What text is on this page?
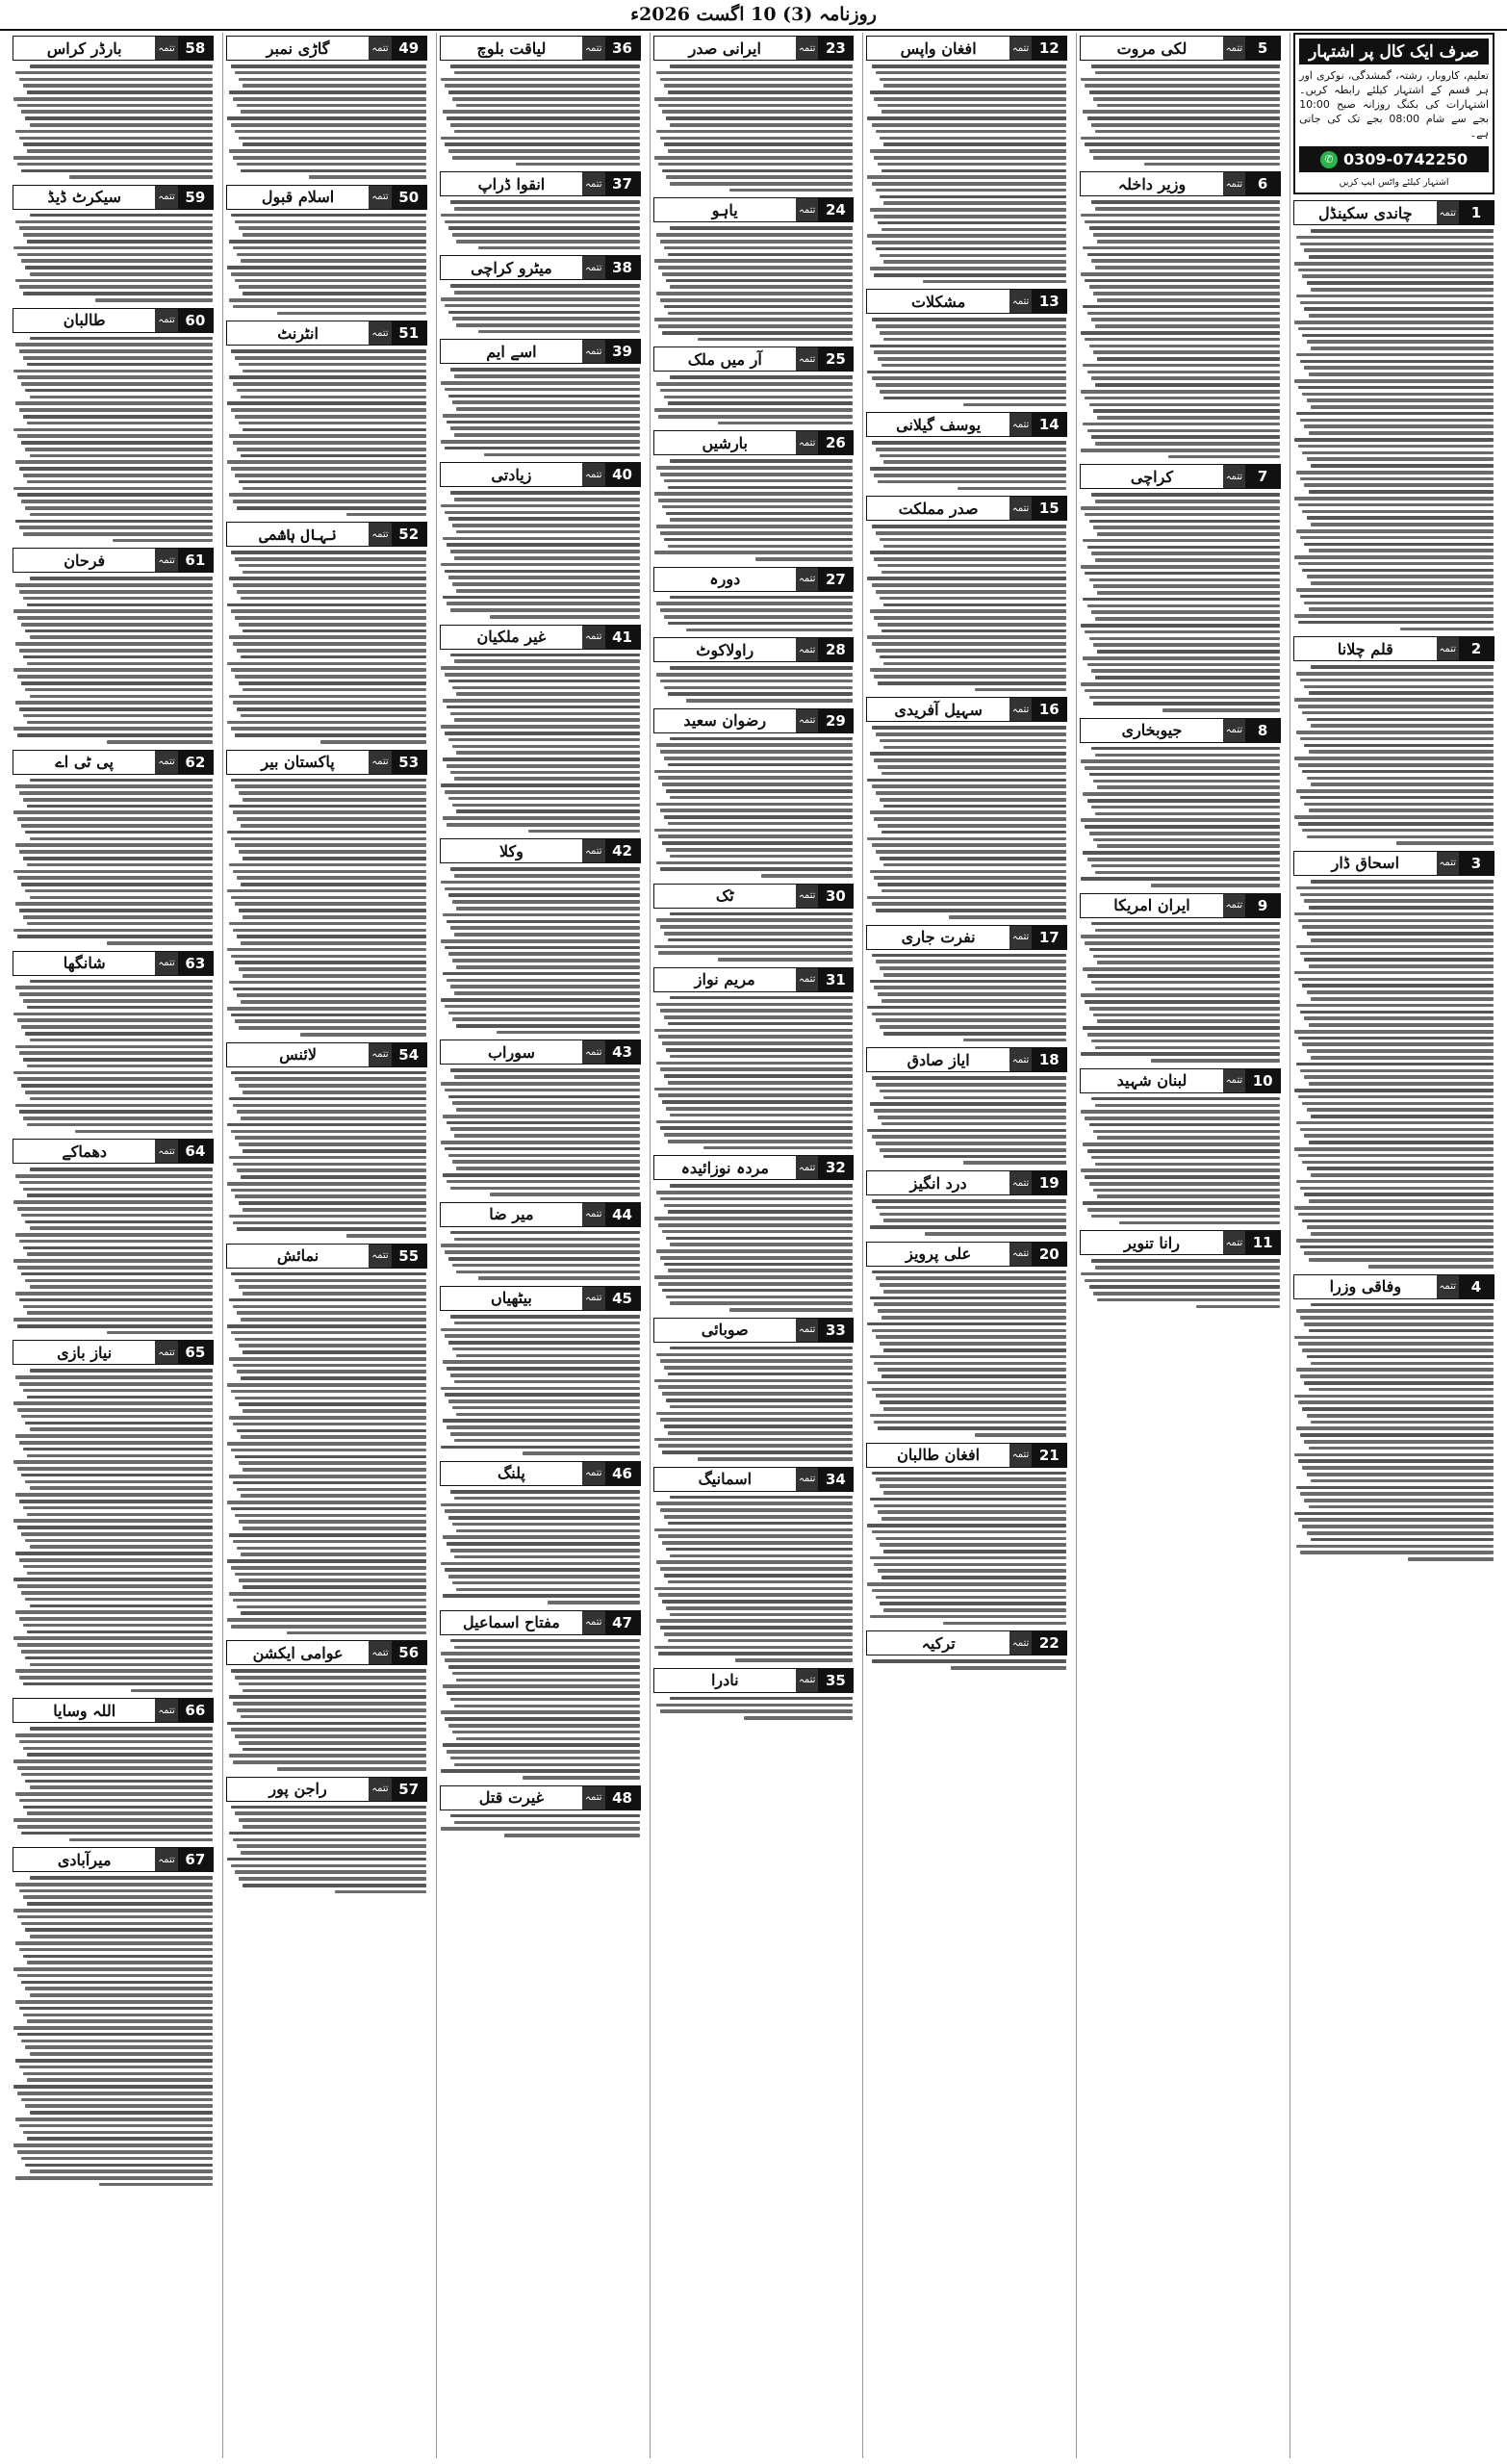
روزنامہ (3) 10 اگست 2026ء
صرف ایک کال پر اشتہار
تعلیم، کاروبار، رشتہ، گمشدگی، نوکری اور ہر قسم کے اشتہار کیلئے رابطہ کریں۔ اشتہارات کی بکنگ روزانہ صبح 10:00 بجے سے شام 08:00 بجے تک کی جاتی ہے۔
✆ 0309-0742250
اشتہار کیلئے واٹس ایپ کریں
1
تتمہ
چاندی سکینڈل
2
تتمہ
قلم چلانا
3
تتمہ
اسحاق ڈار
4
تتمہ
وفاقی وزرا
5
تتمہ
لکی مروت
6
تتمہ
وزیر داخلہ
7
تتمہ
کراچی
8
تتمہ
جیوبخاری
9
تتمہ
ایران امریکا
10
تتمہ
لبنان شہید
11
تتمہ
رانا تنویر
12
تتمہ
افغان واپس
13
تتمہ
مشکلات
14
تتمہ
یوسف گیلانی
15
تتمہ
صدر مملکت
16
تتمہ
سہیل آفریدی
17
تتمہ
نفرت جاری
18
تتمہ
ایاز صادق
19
تتمہ
درد انگیز
20
تتمہ
علی پرویز
21
تتمہ
افغان طالبان
22
تتمہ
ترکیہ
23
تتمہ
ایرانی صدر
24
تتمہ
یاہو
25
تتمہ
آر میں ملک
26
تتمہ
بارشیں
27
تتمہ
دورہ
28
تتمہ
راولاکوٹ
29
تتمہ
رضوان سعید
30
تتمہ
ٹک
31
تتمہ
مریم نواز
32
تتمہ
مردہ نوزائیدہ
33
تتمہ
صوبائی
34
تتمہ
اسمانیگ
35
تتمہ
نادرا
36
تتمہ
لیاقت بلوچ
37
تتمہ
انقوا ڈراپ
38
تتمہ
میٹرو کراچی
39
تتمہ
اسے ایم
40
تتمہ
زیادتی
41
تتمہ
غیر ملکیان
42
تتمہ
وکلا
43
تتمہ
سوراب
44
تتمہ
میر ضا
45
تتمہ
بیٹھیاں
46
تتمہ
پلنگ
47
تتمہ
مفتاح اسماعیل
48
تتمہ
غیرت قتل
49
تتمہ
گاڑی نمبر
50
تتمہ
اسلام قبول
51
تتمہ
انٹرنٹ
52
تتمہ
نہال ہاشمی
53
تتمہ
پاکستان بیر
54
تتمہ
لائنس
55
تتمہ
نمائش
56
تتمہ
عوامی ایکشن
57
تتمہ
راجن پور
58
تتمہ
بارڈر کراس
59
تتمہ
سیکرٹ ڈیڈ
60
تتمہ
طالبان
61
تتمہ
فرحان
62
تتمہ
پی ٹی اے
63
تتمہ
شانگھا
64
تتمہ
دھماکے
65
تتمہ
نیاز بازی
66
تتمہ
اللہ وسایا
67
تتمہ
میرآبادی
